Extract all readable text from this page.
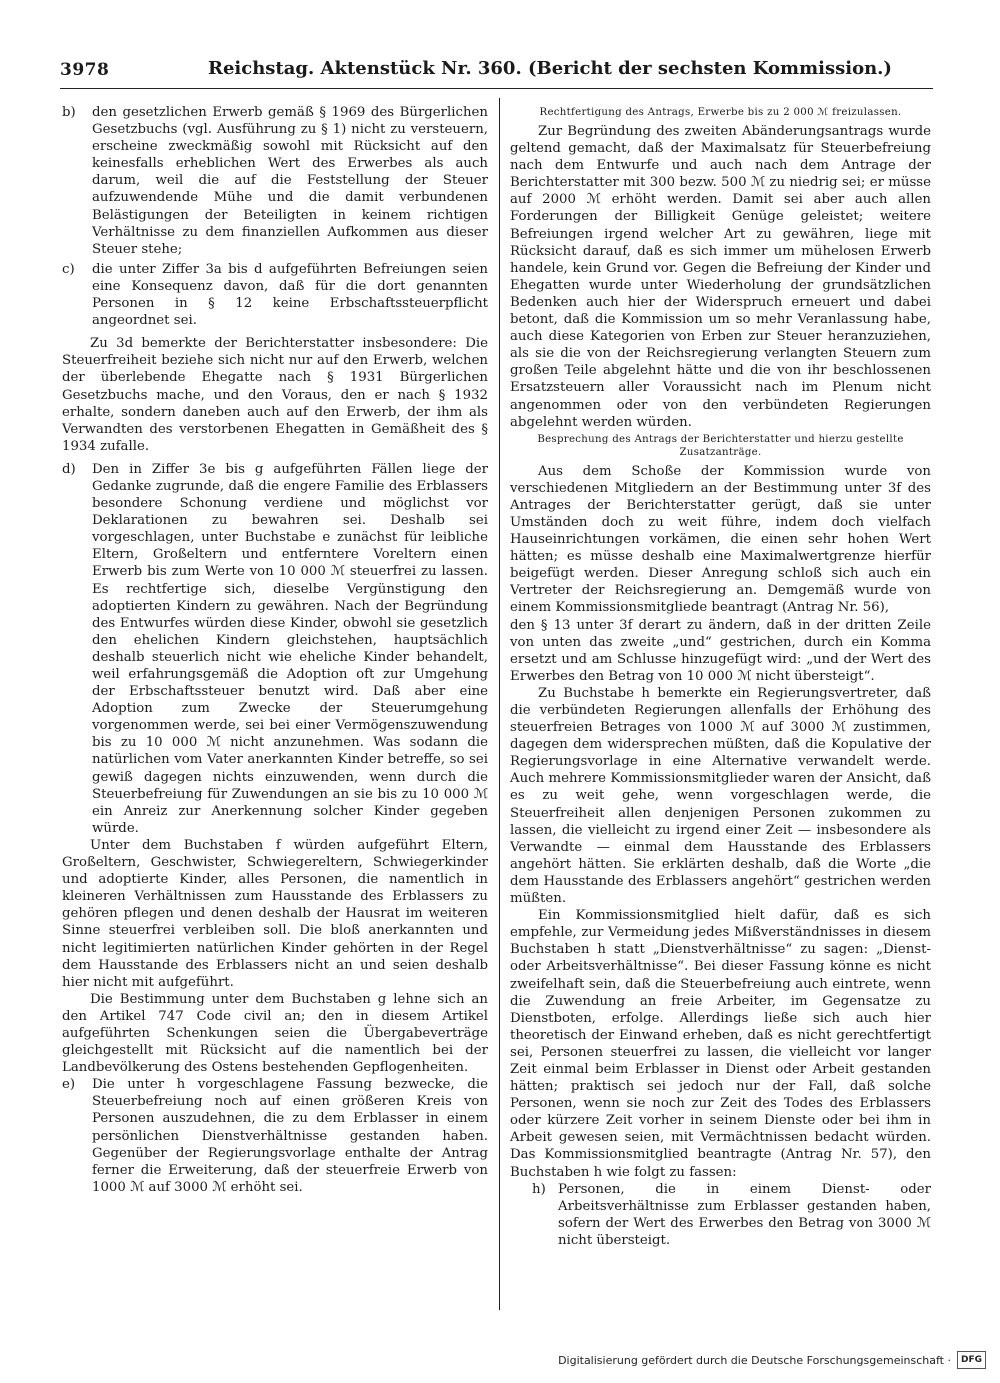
3978	Reichstag. Aktenstück Nr. 360. (Bericht der sechsten Kommission.)
b)	den gesetzlichen Erwerb gemäß § 1969 des Bürgerlichen Gesetzbuchs (vgl. Ausführung zu § 1) nicht zu versteuern, erscheine zweckmäßig sowohl mit Rücksicht auf den keinesfalls erheblichen Wert des Erwerbes als auch darum, weil die auf die Feststellung der Steuer aufzuwendende Mühe und die damit verbundenen Belästigungen der Beteiligten in keinem richtigen Verhältnisse zu dem finanziellen Aufkommen aus dieser Steuer stehe;
c)	die unter Ziffer 3a bis d aufgeführten Befreiungen seien eine Konsequenz davon, daß für die dort genannten Personen in § 12 keine Erbschaftssteuerpflicht angeordnet sei.

Zu 3d bemerkte der Berichterstatter insbesondere: Die Steuerfreiheit beziehe sich nicht nur auf den Erwerb, welchen der überlebende Ehegatte nach § 1931 Bürgerlichen Gesetzbuchs mache, und den Voraus, den er nach § 1932 erhalte, sondern daneben auch auf den Erwerb, der ihm als Verwandten des verstorbenen Ehegatten in Gemäßheit des § 1934 zufalle.

d)	Den in Ziffer 3e bis g aufgeführten Fällen liege der Gedanke zugrunde, daß die engere Familie des Erblassers besondere Schonung verdiene und möglichst vor Deklarationen zu bewahren sei. Deshalb sei vorgeschlagen, unter Buchstabe e zunächst für leibliche Eltern, Großeltern und entferntere Voreltern einen Erwerb bis zum Werte von 10 000 ℳ steuerfrei zu lassen. Es rechtfertige sich, dieselbe Vergünstigung den adoptierten Kindern zu gewähren. Nach der Begründung des Entwurfes würden diese Kinder, obwohl sie gesetzlich den ehelichen Kindern gleichstehen, hauptsächlich deshalb steuerlich nicht wie eheliche Kinder behandelt, weil erfahrungsgemäß die Adoption oft zur Umgehung der Erbschaftssteuer benutzt wird. Daß aber eine Adoption zum Zwecke der Steuerumgehung vorgenommen werde, sei bei einer Vermögenszuwendung bis zu 10 000 ℳ nicht anzunehmen. Was sodann die natürlichen vom Vater anerkannten Kinder betreffe, so sei gewiß dagegen nichts einzuwenden, wenn durch die Steuerbefreiung für Zuwendungen an sie bis zu 10 000 ℳ ein Anreiz zur Anerkennung solcher Kinder gegeben würde.

Unter dem Buchstaben f würden aufgeführt Eltern, Großeltern, Geschwister, Schwiegereltern, Schwiegerkinder und adoptierte Kinder, alles Personen, die namentlich in kleineren Verhältnissen zum Hausstande des Erblassers zu gehören pflegen und denen deshalb der Hausrat im weiteren Sinne steuerfrei verbleiben soll. Die bloß anerkannten und nicht legitimierten natürlichen Kinder gehörten in der Regel dem Hausstande des Erblassers nicht an und seien deshalb hier nicht mit aufgeführt.

Die Bestimmung unter dem Buchstaben g lehne sich an den Artikel 747 Code civil an; den in diesem Artikel aufgeführten Schenkungen seien die Übergabeverträge gleichgestellt mit Rücksicht auf die namentlich bei der Landbevölkerung des Ostens bestehenden Gepflogenheiten.

e)	Die unter h vorgeschlagene Fassung bezwecke, die Steuerbefreiung noch auf einen größeren Kreis von Personen auszudehnen, die zu dem Erblasser in einem persönlichen Dienstverhältnisse gestanden haben. Gegenüber der Regierungsvorlage enthalte der Antrag ferner die Erweiterung, daß der steuerfreie Erwerb von 1000 ℳ auf 3000 ℳ erhöht sei.
Rechtfertigung des Antrags, Erwerbe bis zu 2 000 ℳ freizulassen.

Zur Begründung des zweiten Abänderungsantrags wurde geltend gemacht, daß der Maximalsatz für Steuerbefreiung nach dem Entwurfe und auch nach dem Antrage der Berichterstatter mit 300 bezw. 500 ℳ zu niedrig sei; er müsse auf 2000 ℳ erhöht werden. Damit sei aber auch allen Forderungen der Billigkeit Genüge geleistet; weitere Befreiungen irgend welcher Art zu gewähren, liege mit Rücksicht darauf, daß es sich immer um mühelosen Erwerb handele, kein Grund vor. Gegen die Befreiung der Kinder und Ehegatten wurde unter Wiederholung der grundsätzlichen Bedenken auch hier der Widerspruch erneuert und dabei betont, daß die Kommission um so mehr Veranlassung habe, auch diese Kategorien von Erben zur Steuer heranzuziehen, als sie die von der Reichsregierung verlangten Steuern zum großen Teile abgelehnt hätte und die von ihr beschlossenen Ersatzsteuern aller Voraussicht nach im Plenum nicht angenommen oder von den verbündeten Regierungen abgelehnt werden würden.

Besprechung des Antrags der Berichterstatter und hierzu gestellte Zusatzanträge.

Aus dem Schoße der Kommission wurde von verschiedenen Mitgliedern an der Bestimmung unter 3f des Antrages der Berichterstatter gerügt, daß sie unter Umständen doch zu weit führe, indem doch vielfach Hauseinrichtungen vorkämen, die einen sehr hohen Wert hätten; es müsse deshalb eine Maximalwertgrenze hierfür beigefügt werden. Dieser Anregung schloß sich auch ein Vertreter der Reichsregierung an. Demgemäß wurde von einem Kommissionsmitgliede beantragt (Antrag Nr. 56),

den § 13 unter 3f derart zu ändern, daß in der dritten Zeile von unten das zweite „und“ gestrichen, durch ein Komma ersetzt und am Schlusse hinzugefügt wird: „und der Wert des Erwerbes den Betrag von 10 000 ℳ nicht übersteigt“.

Zu Buchstabe h bemerkte ein Regierungsvertreter, daß die verbündeten Regierungen allenfalls der Erhöhung des steuerfreien Betrages von 1000 ℳ auf 3000 ℳ zustimmen, dagegen dem widersprechen müßten, daß die Kopulative der Regierungsvorlage in eine Alternative verwandelt werde. Auch mehrere Kommissionsmitglieder waren der Ansicht, daß es zu weit gehe, wenn vorgeschlagen werde, die Steuerfreiheit allen denjenigen Personen zukommen zu lassen, die vielleicht zu irgend einer Zeit — insbesondere als Verwandte — einmal dem Hausstande des Erblassers angehört hätten. Sie erklärten deshalb, daß die Worte „die dem Hausstande des Erblassers angehört“ gestrichen werden müßten.

Ein Kommissionsmitglied hielt dafür, daß es sich empfehle, zur Vermeidung jedes Mißverständnisses in diesem Buchstaben h statt „Dienstverhältnisse“ zu sagen: „Dienst- oder Arbeitsverhältnisse“. Bei dieser Fassung könne es nicht zweifelhaft sein, daß die Steuerbefreiung auch eintrete, wenn die Zuwendung an freie Arbeiter, im Gegensatze zu Dienstboten, erfolge. Allerdings ließe sich auch hier theoretisch der Einwand erheben, daß es nicht gerechtfertigt sei, Personen steuerfrei zu lassen, die vielleicht vor langer Zeit einmal beim Erblasser in Dienst oder Arbeit gestanden hätten; praktisch sei jedoch nur der Fall, daß solche Personen, wenn sie noch zur Zeit des Todes des Erblassers oder kürzere Zeit vorher in seinem Dienste oder bei ihm in Arbeit gewesen seien, mit Vermächtnissen bedacht würden. Das Kommissionsmitglied beantragte (Antrag Nr. 57), den Buchstaben h wie folgt zu fassen:

h) Personen, die in einem Dienst- oder Arbeitsverhältnisse zum Erblasser gestanden haben, sofern der Wert des Erwerbes den Betrag von 3000 ℳ nicht übersteigt.
Digitalisierung gefördert durch die Deutsche Forschungsgemeinschaft ·	DFG
